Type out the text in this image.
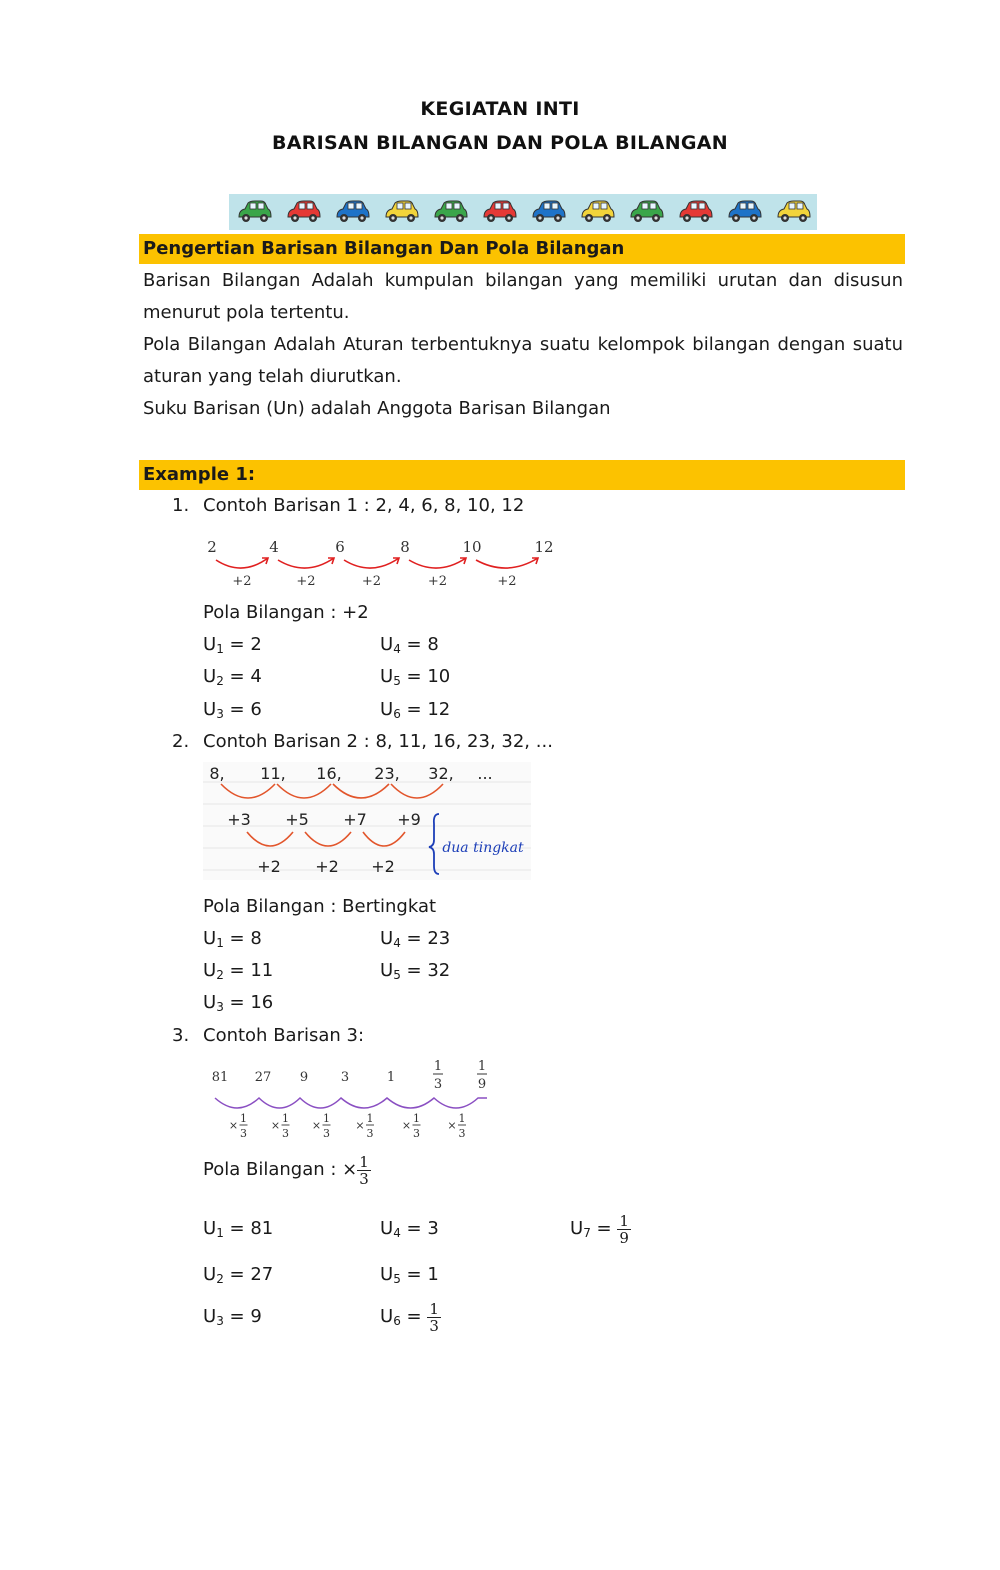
KEGIATAN INTI
BARISAN BILANGAN DAN POLA BILANGAN
Pengertian Barisan Bilangan Dan Pola Bilangan
Barisan Bilangan Adalah kumpulan bilangan yang memiliki urutan dan disusun
menurut pola tertentu.
Pola Bilangan Adalah Aturan terbentuknya suatu kelompok bilangan dengan suatu
aturan yang telah diurutkan.
Suku Barisan (Un) adalah Anggota Barisan Bilangan
Example 1:
1. Contoh Barisan 1 : 2, 4, 6, 8, 10, 12
2	4	6	8	10	12
+2	+2	+2	+2	+2
Pola Bilangan : +2
$U_1 = 2$
$U_2 = 4$
$U_3 = 6$
$U_4 = 8$
$U_5 = 10$
$U_6 = 12$
2. Contoh Barisan 2 : 8, 11, 16, 23, 32, ...
8, 11, 16, 23, 32, ...
+3 +5 +7 +9
+2 +2 +2
dua tingkat
Pola Bilangan : Bertingkat
$U_1 = 8$
$U_2 = 11$
$U_3 = 16$
$U_4 = 23$
$U_5 = 32$
3. Contoh Barisan 3:
81 27 9	3	1
1
3
1
9
×
1
3
×
1
3
×
1
3
×
1
3
×
1
3
×
1
3
Pola Bilangan : × $\frac{1}{3}$
$U_1 = 81$
$U_2 = 27$
$U_3 = 9$
$U_4 = 3$
$U_5 = 1$
$U_6 = \frac{1}{3}$
$U_7 = \frac{1}{9}$
